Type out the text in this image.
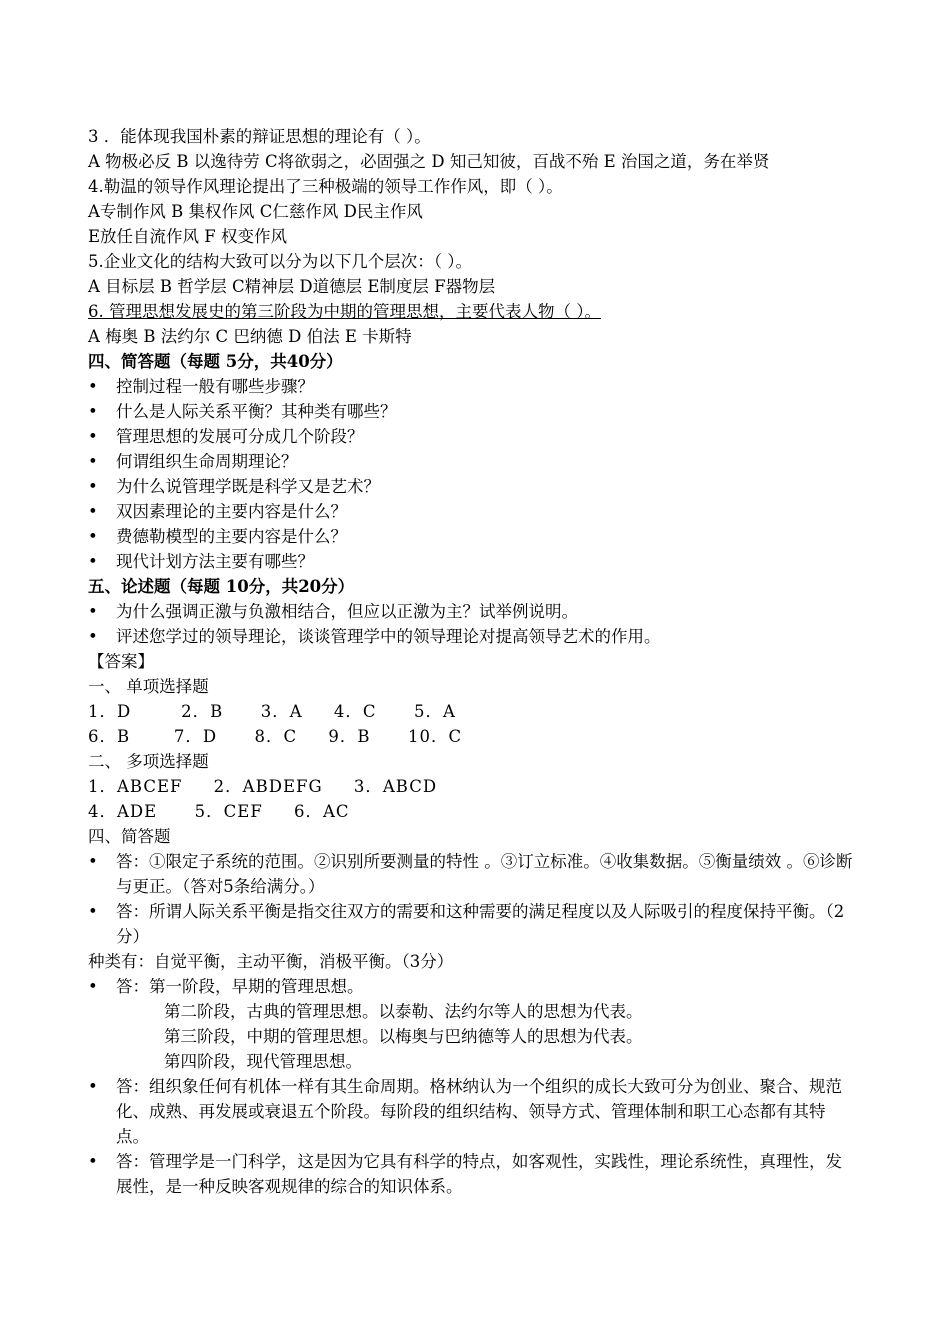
3 ．能体现我国朴素的辩证思想的理论有（ ）。
A 物极必反 B 以逸待劳 C将欲弱之，必固强之 D 知己知彼，百战不殆 E 治国之道，务在举贤
4.勒温的领导作风理论提出了三种极端的领导工作作风，即（ ）。
A专制作风 B 集权作风 C仁慈作风 D民主作风
E放任自流作风 F 权变作风
5.企业文化的结构大致可以分为以下几个层次：（ ）。
A 目标层 B 哲学层 C精神层 D道德层 E制度层 F器物层
6. 管理思想发展史的第三阶段为中期的管理思想，主要代表人物（ ）。
A 梅奥 B 法约尔 C 巴纳德 D 伯法 E 卡斯特
四、简答题（每题 5分，共40分）
•	控制过程一般有哪些步骤？
•	什么是人际关系平衡？其种类有哪些？
•	管理思想的发展可分成几个阶段？
•	何谓组织生命周期理论？
•	为什么说管理学既是科学又是艺术？
•	双因素理论的主要内容是什么？
•	费德勒模型的主要内容是什么？
•	现代计划方法主要有哪些？
五、论述题（每题 10分，共20分）
•	为什么强调正激与负激相结合，但应以正激为主？试举例说明。
•	评述您学过的领导理论，谈谈管理学中的领导理论对提高领导艺术的作用。
【答案】
一、 单项选择题
1．D        2．B      3．A     4．C      5．A
6．B       7．D      8．C     9．B      10．C
二、 多项选择题
1．ABCEF     2．ABDEFG     3．ABCD
4．ADE      5．CEF     6．AC
四、简答题
•	答：①限定子系统的范围。②识别所要测量的特性 。③订立标准。④收集数据。⑤衡量绩效 。⑥诊断与更正。（答对5条给满分。）
•	答：所谓人际关系平衡是指交往双方的需要和这种需要的满足程度以及人际吸引的程度保持平衡。（2分）
种类有：自觉平衡，主动平衡，消极平衡。（3分）
•	答：第一阶段，早期的管理思想。
第二阶段，古典的管理思想。以泰勒、法约尔等人的思想为代表。
第三阶段，中期的管理思想。以梅奥与巴纳德等人的思想为代表。
第四阶段，现代管理思想。
•	答：组织象任何有机体一样有其生命周期。格林纳认为一个组织的成长大致可分为创业、聚合、规范化、成熟、再发展或衰退五个阶段。每阶段的组织结构、领导方式、管理体制和职工心态都有其特点。
•	答：管理学是一门科学，这是因为它具有科学的特点，如客观性，实践性，理论系统性，真理性，发展性，是一种反映客观规律的综合的知识体系。
